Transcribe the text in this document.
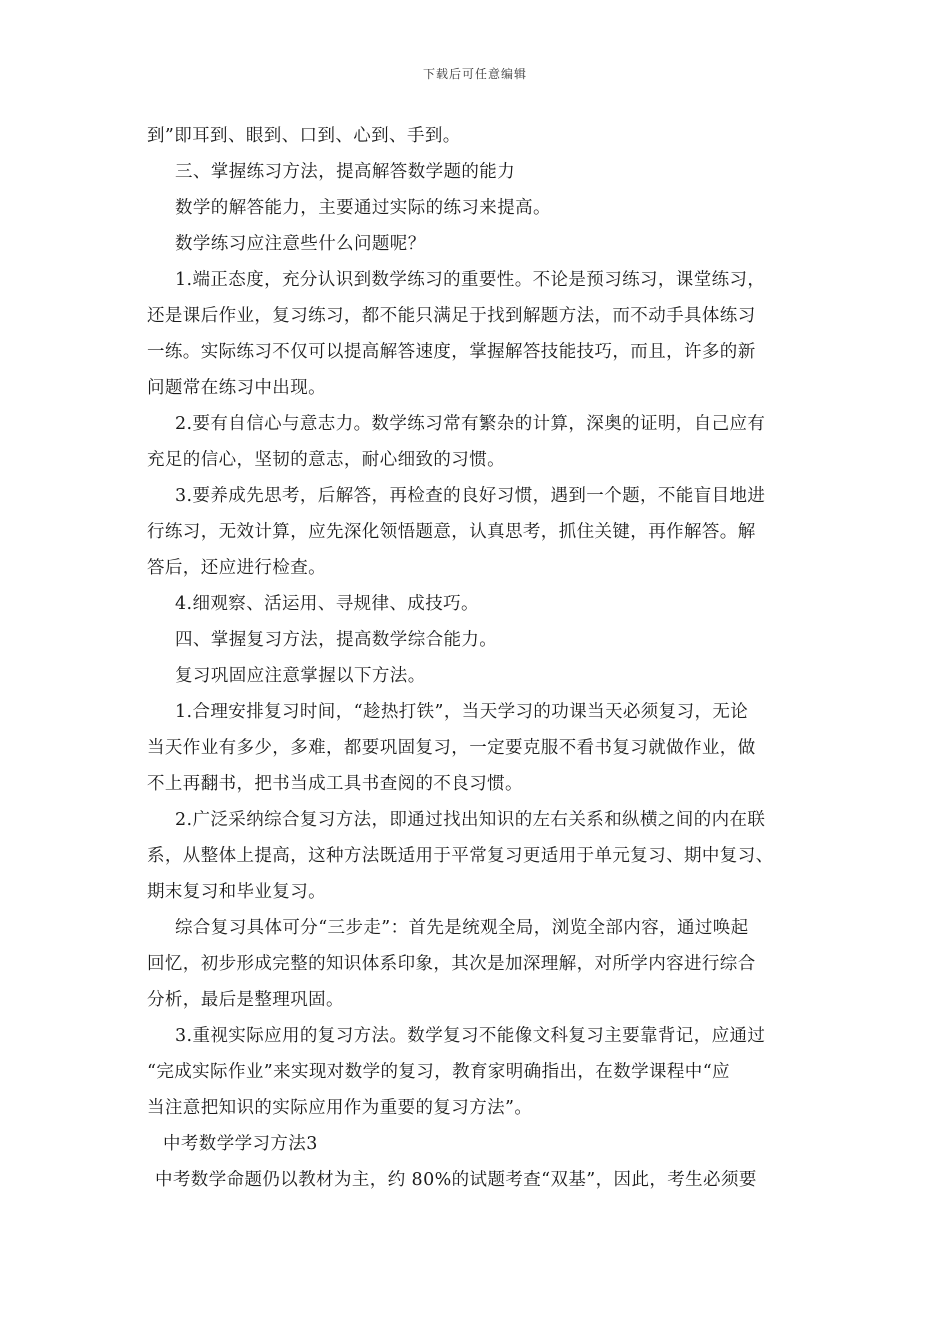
下载后可任意编辑
到”即耳到、眼到、口到、心到、手到。
三、掌握练习方法，提高解答数学题的能力
数学的解答能力，主要通过实际的练习来提高。
数学练习应注意些什么问题呢？
1.端正态度，充分认识到数学练习的重要性。不论是预习练习，课堂练习，
还是课后作业，复习练习，都不能只满足于找到解题方法，而不动手具体练习
一练。实际练习不仅可以提高解答速度，掌握解答技能技巧，而且，许多的新
问题常在练习中出现。
2.要有自信心与意志力。数学练习常有繁杂的计算，深奥的证明，自己应有
充足的信心，坚韧的意志，耐心细致的习惯。
3.要养成先思考，后解答，再检查的良好习惯，遇到一个题，不能盲目地进
行练习，无效计算，应先深化领悟题意，认真思考，抓住关键，再作解答。解
答后，还应进行检查。
4.细观察、活运用、寻规律、成技巧。
四、掌握复习方法，提高数学综合能力。
复习巩固应注意掌握以下方法。
1.合理安排复习时间，“趁热打铁”，当天学习的功课当天必须复习，无论
当天作业有多少，多难，都要巩固复习，一定要克服不看书复习就做作业，做
不上再翻书，把书当成工具书查阅的不良习惯。
2.广泛采纳综合复习方法，即通过找出知识的左右关系和纵横之间的内在联
系，从整体上提高，这种方法既适用于平常复习更适用于单元复习、期中复习、
期末复习和毕业复习。
综合复习具体可分“三步走”：首先是统观全局，浏览全部内容，通过唤起
回忆，初步形成完整的知识体系印象，其次是加深理解，对所学内容进行综合
分析，最后是整理巩固。
3.重视实际应用的复习方法。数学复习不能像文科复习主要靠背记，应通过
“完成实际作业”来实现对数学的复习，教育家明确指出，在数学课程中“应
当注意把知识的实际应用作为重要的复习方法”。
中考数学学习方法3
中考数学命题仍以教材为主，约 80%的试题考查“双基”，因此，考生必须要
